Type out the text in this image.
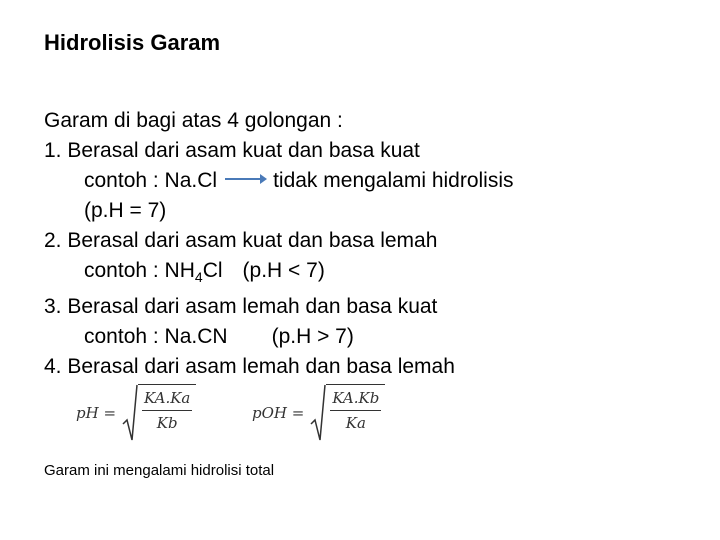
Hidrolisis Garam
Garam di bagi atas 4 golongan :
1. Berasal dari asam kuat dan basa kuat
contoh : Na.Cl	tidak mengalami hidrolisis
(p.H = 7)
2. Berasal dari asam kuat dan basa lemah
contoh : $NH_4Cl$ (p.H < 7)
3. Berasal dari asam lemah dan basa kuat
contoh : Na.CN (p.H > 7)
4. Berasal dari asam lemah dan basa lemah
pH = $\frac{KA.Ka}{Kb}$	pOH = $\frac{KA.Kb}{Ka}$
Garam ini mengalami hidrolisi total
